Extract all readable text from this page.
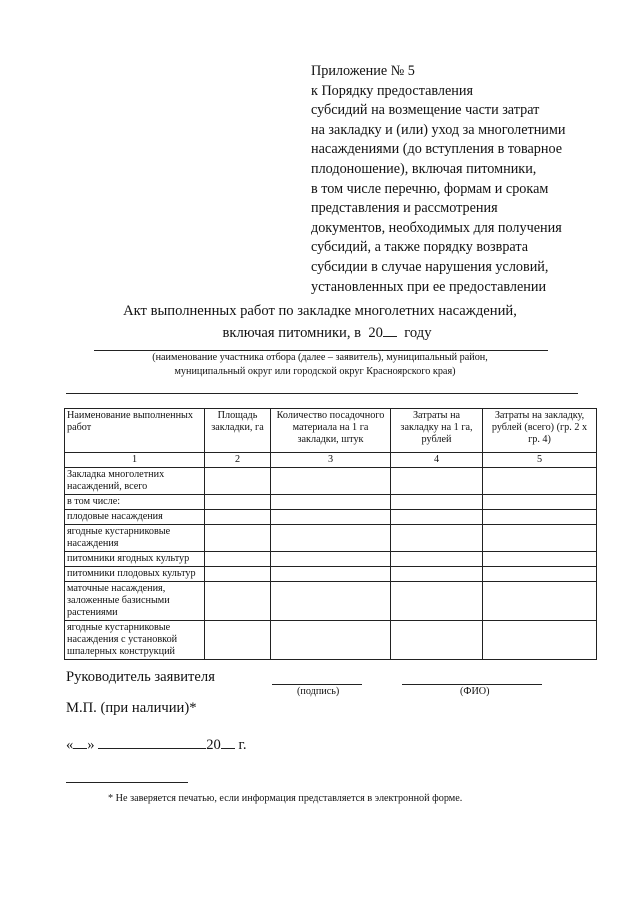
Приложение № 5
к Порядку предоставления
субсидий на возмещение части затрат
на закладку и (или) уход за многолетними
насаждениями (до вступления в товарное
плодоношение), включая питомники,
в том числе перечню, формам и срокам
представления и рассмотрения
документов, необходимых для получения
субсидий, а также порядку возврата
субсидии в случае нарушения условий,
установленных при ее предоставлении
Акт выполненных работ по закладке многолетних насаждений,
включая питомники, в 20 году
(наименование участника отбора (далее – заявитель), муниципальный район,
муниципальный округ или городской округ Красноярского края)
Наименование выполненных работ	Площадь закладки, га	Количество посадочного материала на 1 га закладки, штук	Затраты на закладку на 1 га, рублей	Затраты на закладку, рублей (всего) (гр. 2 х гр. 4)
1	2	3	4	5
Закладка многолетних насаждений, всего				
в том числе:				
плодовые насаждения				
ягодные кустарниковые насаждения				
питомники ягодных культур				
питомники плодовых культур				
маточные насаждения, заложенные базисными растениями				
ягодные кустарниковые насаждения с установкой шпалерных конструкций				
Руководитель заявителя
(подпись)	(ФИО)
М.П. (при наличии)*
« »	20 г.
* Не заверяется печатью, если информация представляется в электронной форме.
